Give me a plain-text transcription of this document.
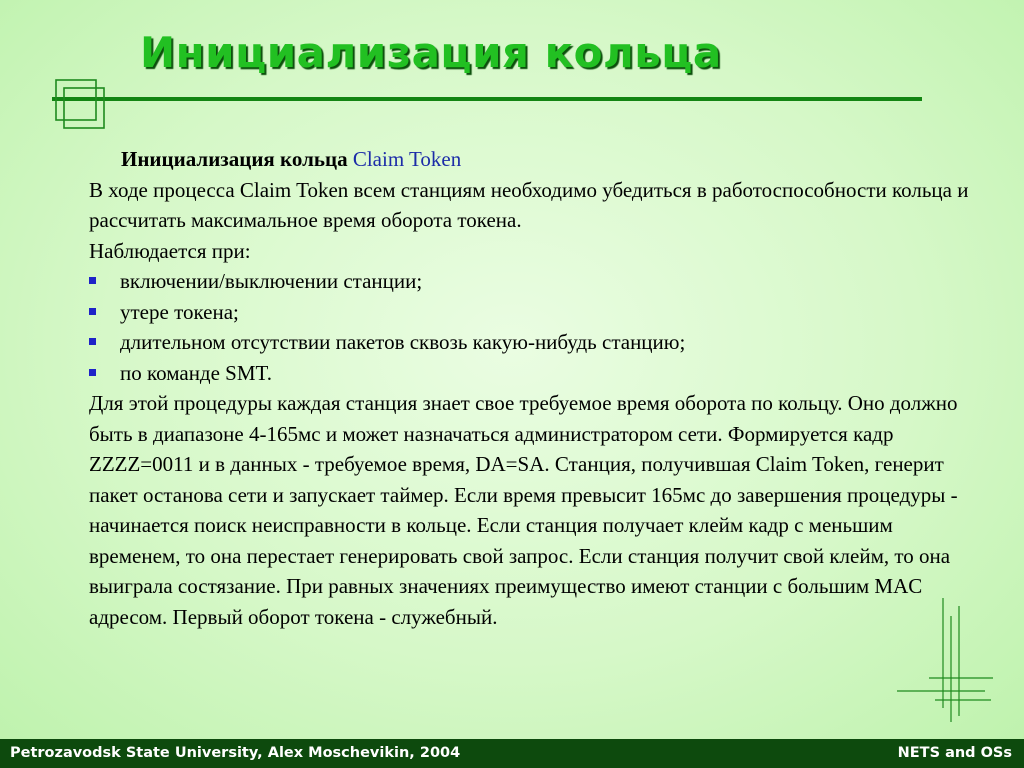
Инициализация кольца

Инициализация кольца Claim Token

В ходе процесса Claim Token всем станциям необходимо убедиться в работоспособности кольца и рассчитать максимальное время оборота токена.

Наблюдается при:

включении/выключении станции;
утере токена;
длительном отсутствии пакетов сквозь какую-нибудь станцию;
по команде SMT.

Для этой процедуры каждая станция знает свое требуемое время оборота по кольцу. Оно должно быть в диапазоне 4-165мс и может назначаться администратором сети. Формируется кадр ZZZZ=0011 и в данных - требуемое время, DA=SA. Станция, получившая Claim Token, генерит пакет останова сети и запускает таймер. Если время превысит 165мс до завершения процедуры - начинается поиск неисправности в кольце. Если станция получает клейм кадр с меньшим временем, то она перестает генерировать свой запрос. Если станция получит свой клейм, то она выиграла состязание. При равных значениях преимущество имеют станции с большим MAC адресом. Первый оборот токена - служебный.

Petrozavodsk State University, Alex Moschevikin, 2004	NETS and OSs
